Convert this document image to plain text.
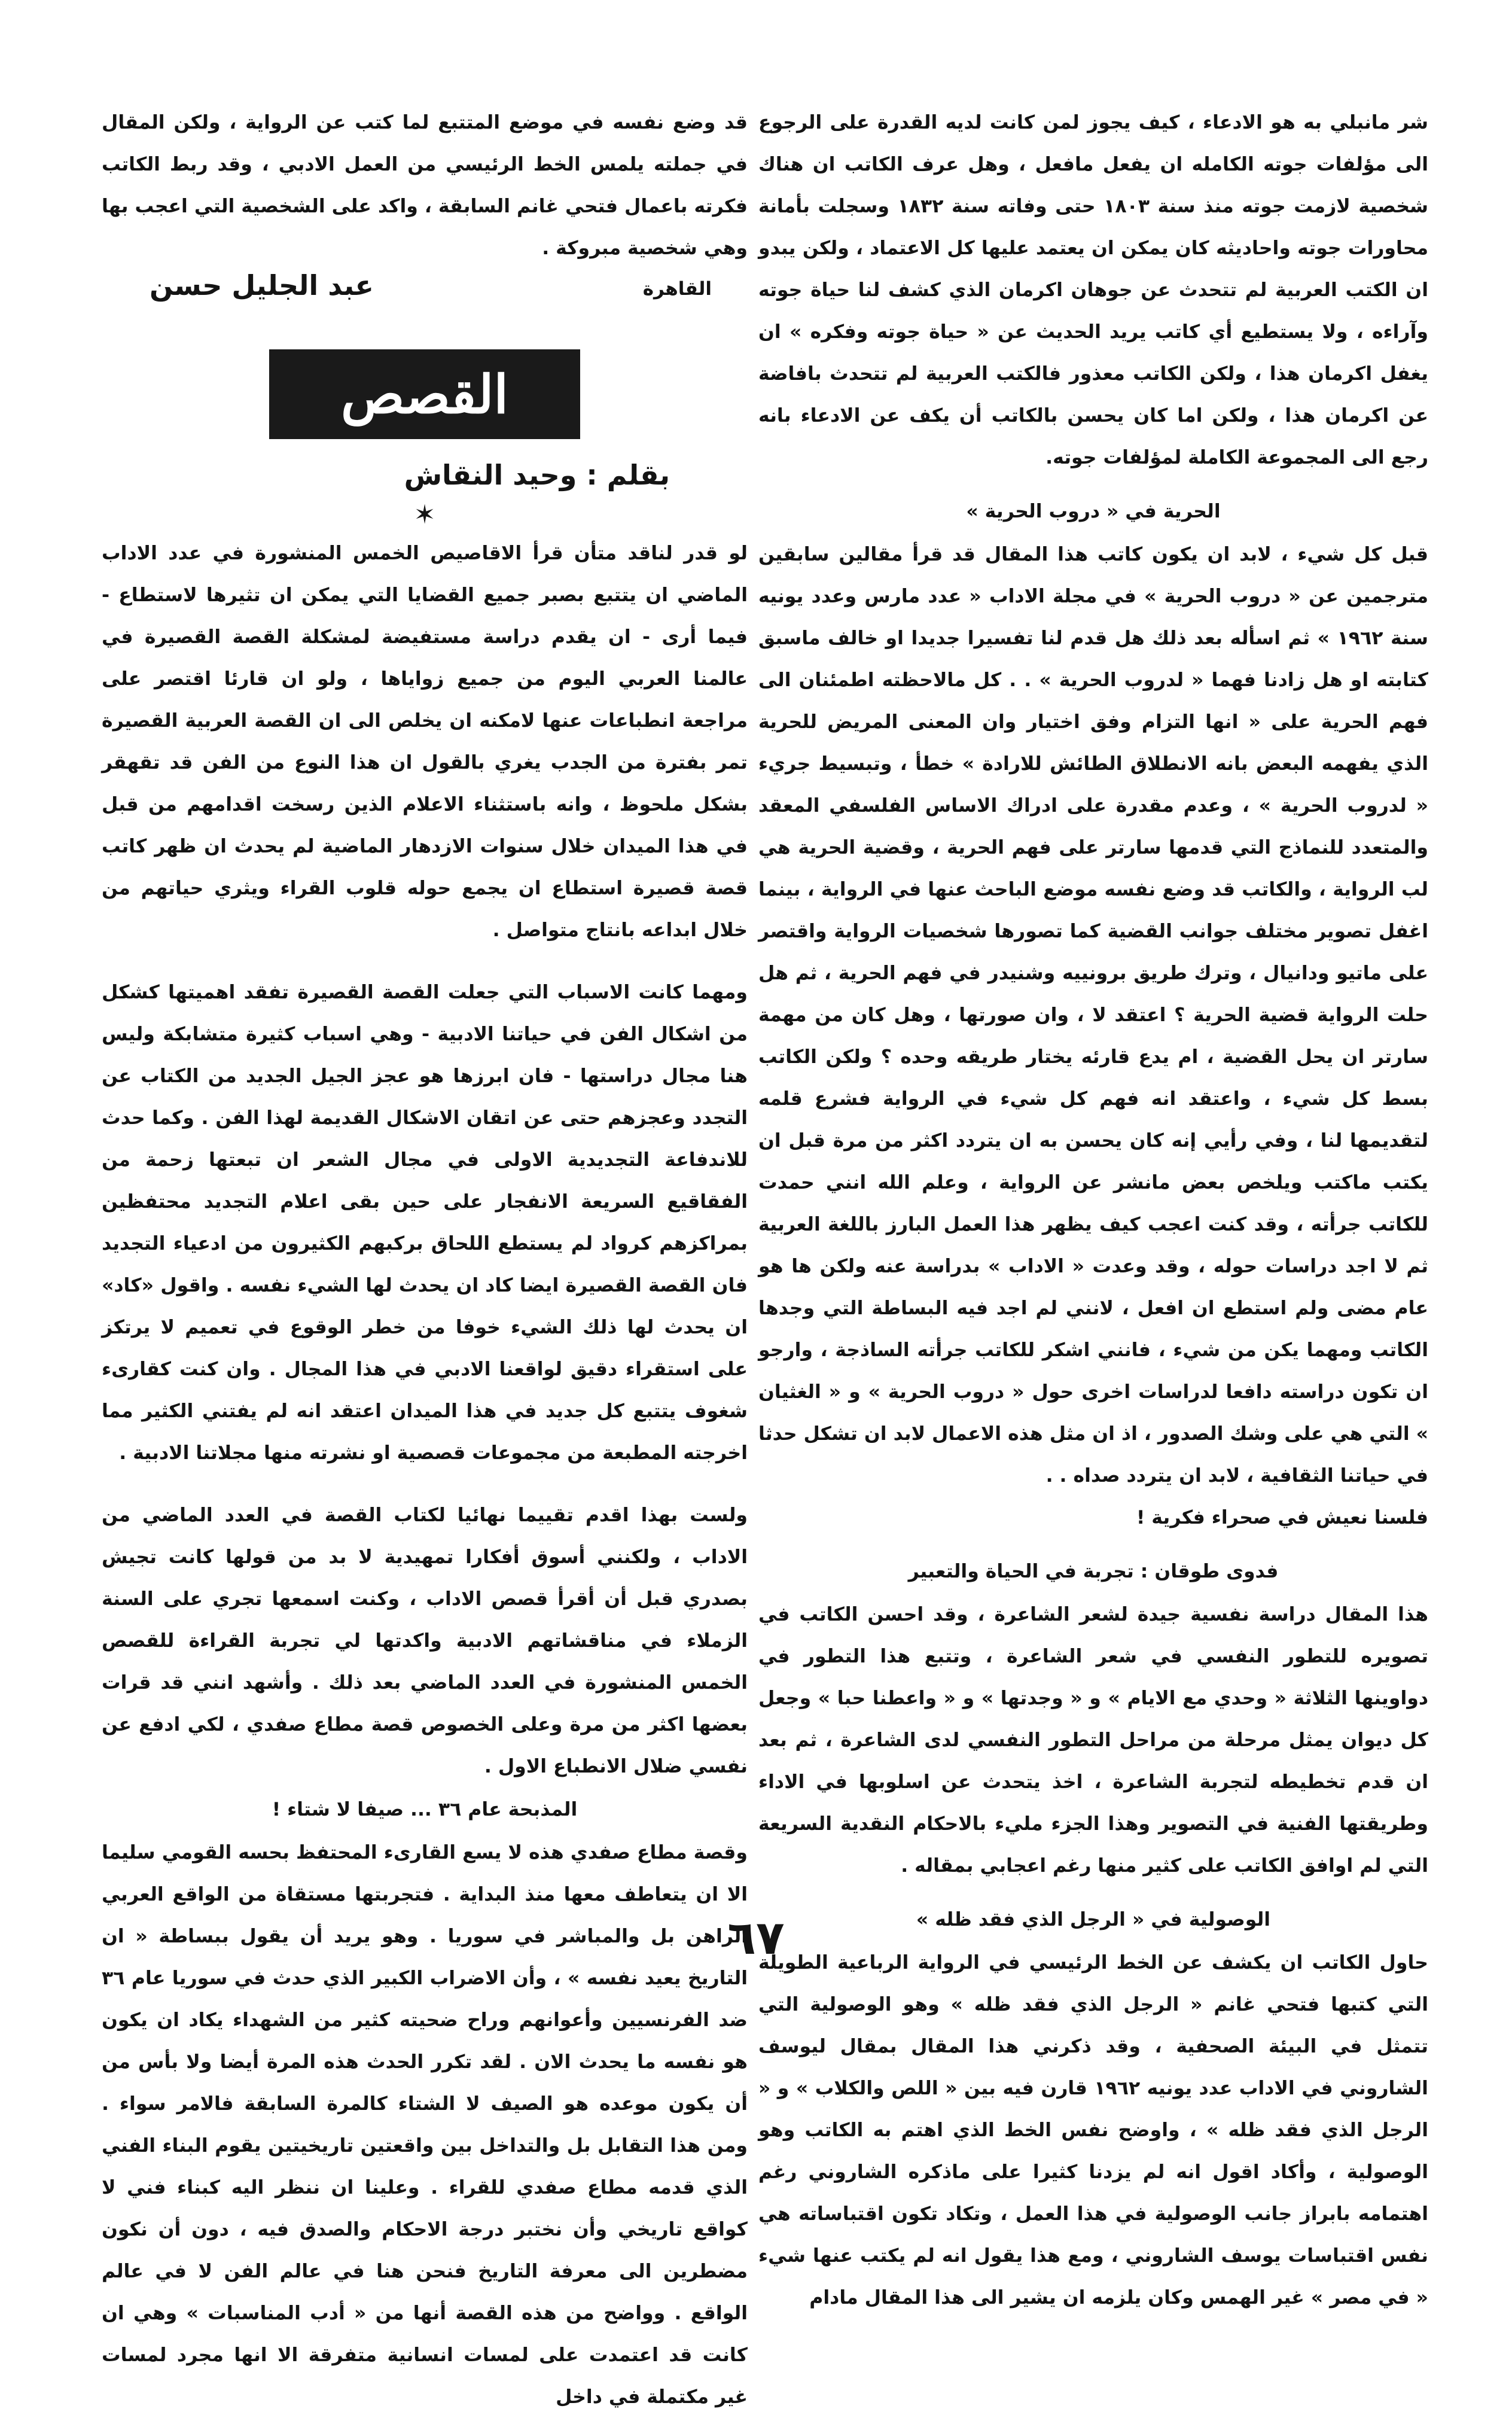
شر مانبلي به هو الادعاء ، كيف يجوز لمن كانت لديه القدرة على الرجوع الى مؤلفات جوته الكامله ان يفعل مافعل ، وهل عرف الكاتب ان هناك شخصية لازمت جوته منذ سنة ١٨٠٣ حتى وفاته سنة ١٨٣٢ وسجلت بأمانة محاورات جوته واحاديثه كان يمكن ان يعتمد عليها كل الاعتماد ، ولكن يبدو ان الكتب العربية لم تتحدث عن جوهان اكرمان الذي كشف لنا حياة جوته وآراءه ، ولا يستطيع أي كاتب يريد الحديث عن « حياة جوته وفكره » ان يغفل اكرمان هذا ، ولكن الكاتب معذور فالكتب العربية لم تتحدث بافاضة عن اكرمان هذا ، ولكن اما كان يحسن بالكاتب أن يكف عن الادعاء بانه رجع الى المجموعة الكاملة لمؤلفات جوته.

الحرية في « دروب الحرية »

قبل كل شيء ، لابد ان يكون كاتب هذا المقال قد قرأ مقالين سابقين مترجمين عن « دروب الحرية » في مجلة الاداب « عدد مارس وعدد يونيه سنة ١٩٦٢ » ثم اسأله بعد ذلك هل قدم لنا تفسيرا جديدا او خالف ماسبق كتابته او هل زادنا فهما « لدروب الحرية » . . كل مالاحظته اطمئنان الى فهم الحرية على « انها التزام وفق اختيار وان المعنى المريض للحرية الذي يفهمه البعض بانه الانطلاق الطائش للارادة » خطأ ، وتبسيط جريء « لدروب الحرية » ، وعدم مقدرة على ادراك الاساس الفلسفي المعقد والمتعدد للنماذج التي قدمها سارتر على فهم الحرية ، وقضية الحرية هي لب الرواية ، والكاتب قد وضع نفسه موضع الباحث عنها في الرواية ، بينما اغفل تصوير مختلف جوانب القضية كما تصورها شخصيات الرواية واقتصر على ماتيو ودانيال ، وترك طريق برونييه وشنيدر في فهم الحرية ، ثم هل حلت الرواية قضية الحرية ؟ اعتقد لا ، وان صورتها ، وهل كان من مهمة سارتر ان يحل القضية ، ام يدع قارئه يختار طريقه وحده ؟ ولكن الكاتب بسط كل شيء ، واعتقد انه فهم كل شيء في الرواية فشرع قلمه لتقديمها لنا ، وفي رأيي إنه كان يحسن به ان يتردد اكثر من مرة قبل ان يكتب ماكتب ويلخص بعض مانشر عن الرواية ، وعلم الله انني حمدت للكاتب جرأته ، وقد كنت اعجب كيف يظهر هذا العمل البارز باللغة العربية ثم لا اجد دراسات حوله ، وقد وعدت « الاداب » بدراسة عنه ولكن ها هو عام مضى ولم استطع ان افعل ، لانني لم اجد فيه البساطة التي وجدها الكاتب ومهما يكن من شيء ، فانني اشكر للكاتب جرأته الساذجة ، وارجو ان تكون دراسته دافعا لدراسات اخرى حول « دروب الحرية » و « الغثيان » التي هي على وشك الصدور ، اذ ان مثل هذه الاعمال لابد ان تشكل حدثا في حياتنا الثقافية ، لابد ان يتردد صداه . .

فلسنا نعيش في صحراء فكرية !

فدوى طوقان : تجربة في الحياة والتعبير

هذا المقال دراسة نفسية جيدة لشعر الشاعرة ، وقد احسن الكاتب في تصويره للتطور النفسي في شعر الشاعرة ، وتتبع هذا التطور في دواوينها الثلاثة « وحدي مع الايام » و « وجدتها » و « واعطنا حبا » وجعل كل ديوان يمثل مرحلة من مراحل التطور النفسي لدى الشاعرة ، ثم بعد ان قدم تخطيطه لتجربة الشاعرة ، اخذ يتحدث عن اسلوبها في الاداء وطريقتها الفنية في التصوير وهذا الجزء مليء بالاحكام النقدية السريعة التي لم اوافق الكاتب على كثير منها رغم اعجابي بمقاله .

الوصولية في « الرجل الذي فقد ظله »

حاول الكاتب ان يكشف عن الخط الرئيسي في الرواية الرباعية الطويلة التي كتبها فتحي غانم « الرجل الذي فقد ظله » وهو الوصولية التي تتمثل في البيئة الصحفية ، وقد ذكرني هذا المقال بمقال ليوسف الشاروني في الاداب عدد يونيه ١٩٦٢ قارن فيه بين « اللص والكلاب » و « الرجل الذي فقد ظله » ، واوضح نفس الخط الذي اهتم به الكاتب وهو الوصولية ، وأكاد اقول انه لم يزدنا كثيرا على ماذكره الشاروني رغم اهتمامه بابراز جانب الوصولية في هذا العمل ، وتكاد تكون اقتباساته هي نفس اقتباسات يوسف الشاروني ، ومع هذا يقول انه لم يكتب عنها شيء « في مصر » غير الهمس وكان يلزمه ان يشير الى هذا المقال مادام

قد وضع نفسه في موضع المتتبع لما كتب عن الرواية ، ولكن المقال في جملته يلمس الخط الرئيسي من العمل الادبي ، وقد ربط الكاتب فكرته باعمال فتحي غانم السابقة ، واكد على الشخصية التي اعجب بها وهي شخصية مبروكة .

القاهرة
عبد الجليل حسن
القصص
بقلم : وحيد النقاش
✶

لو قدر لناقد متأن قرأ الاقاصيص الخمس المنشورة في عدد الاداب الماضي ان يتتبع بصبر جميع القضايا التي يمكن ان تثيرها لاستطاع - فيما أرى - ان يقدم دراسة مستفيضة لمشكلة القصة القصيرة في عالمنا العربي اليوم من جميع زواياها ، ولو ان قارئا اقتصر على مراجعة انطباعات عنها لامكنه ان يخلص الى ان القصة العربية القصيرة تمر بفترة من الجدب يغري بالقول ان هذا النوع من الفن قد تقهقر بشكل ملحوظ ، وانه باستثناء الاعلام الذين رسخت اقدامهم من قبل في هذا الميدان خلال سنوات الازدهار الماضية لم يحدث ان ظهر كاتب قصة قصيرة استطاع ان يجمع حوله قلوب القراء ويثري حياتهم من خلال ابداعه بانتاج متواصل .

ومهما كانت الاسباب التي جعلت القصة القصيرة تفقد اهميتها كشكل من اشكال الفن في حياتنا الادبية - وهي اسباب كثيرة متشابكة وليس هنا مجال دراستها - فان ابرزها هو عجز الجيل الجديد من الكتاب عن التجدد وعجزهم حتى عن اتقان الاشكال القديمة لهذا الفن . وكما حدث للاندفاعة التجديدية الاولى في مجال الشعر ان تبعتها زحمة من الفقاقيع السريعة الانفجار على حين بقى اعلام التجديد محتفظين بمراكزهم كرواد لم يستطع اللحاق بركبهم الكثيرون من ادعياء التجديد فان القصة القصيرة ايضا كاد ان يحدث لها الشيء نفسه . واقول «كاد» ان يحدث لها ذلك الشيء خوفا من خطر الوقوع في تعميم لا يرتكز على استقراء دقيق لواقعنا الادبي في هذا المجال . وان كنت كقارىء شغوف يتتبع كل جديد في هذا الميدان اعتقد انه لم يفتني الكثير مما اخرجته المطبعة من مجموعات قصصية او نشرته منها مجلاتنا الادبية .

ولست بهذا اقدم تقييما نهائيا لكتاب القصة في العدد الماضي من الاداب ، ولكنني أسوق أفكارا تمهيدية لا بد من قولها كانت تجيش بصدري قبل أن أقرأ قصص الاداب ، وكنت اسمعها تجري على السنة الزملاء في مناقشاتهم الادبية واكدتها لي تجربة القراءة للقصص الخمس المنشورة في العدد الماضي بعد ذلك . وأشهد انني قد قرات بعضها اكثر من مرة وعلى الخصوص قصة مطاع صفدي ، لكي ادفع عن نفسي ضلال الانطباع الاول .

المذبحة عام ٣٦ ... صيفا لا شتاء !

وقصة مطاع صفدي هذه لا يسع القارىء المحتفظ بحسه القومي سليما الا ان يتعاطف معها منذ البداية . فتجربتها مستقاة من الواقع العربي الراهن بل والمباشر في سوريا . وهو يريد أن يقول ببساطة « ان التاريخ يعيد نفسه » ، وأن الاضراب الكبير الذي حدث في سوريا عام ٣٦ ضد الفرنسيين وأعوانهم وراح ضحيته كثير من الشهداء يكاد ان يكون هو نفسه ما يحدث الان . لقد تكرر الحدث هذه المرة أيضا ولا بأس من أن يكون موعده هو الصيف لا الشتاء كالمرة السابقة فالامر سواء . ومن هذا التقابل بل والتداخل بين واقعتين تاريخيتين يقوم البناء الفني الذي قدمه مطاع صفدي للقراء . وعلينا ان ننظر اليه كبناء فني لا كواقع تاريخي وأن نختبر درجة الاحكام والصدق فيه ، دون أن نكون مضطرين الى معرفة التاريخ فنحن هنا في عالم الفن لا في عالم الواقع . وواضح من هذه القصة أنها من « أدب المناسبات » وهي ان كانت قد اعتمدت على لمسات انسانية متفرقة الا انها مجرد لمسات غير مكتملة في داخل

٦٧
